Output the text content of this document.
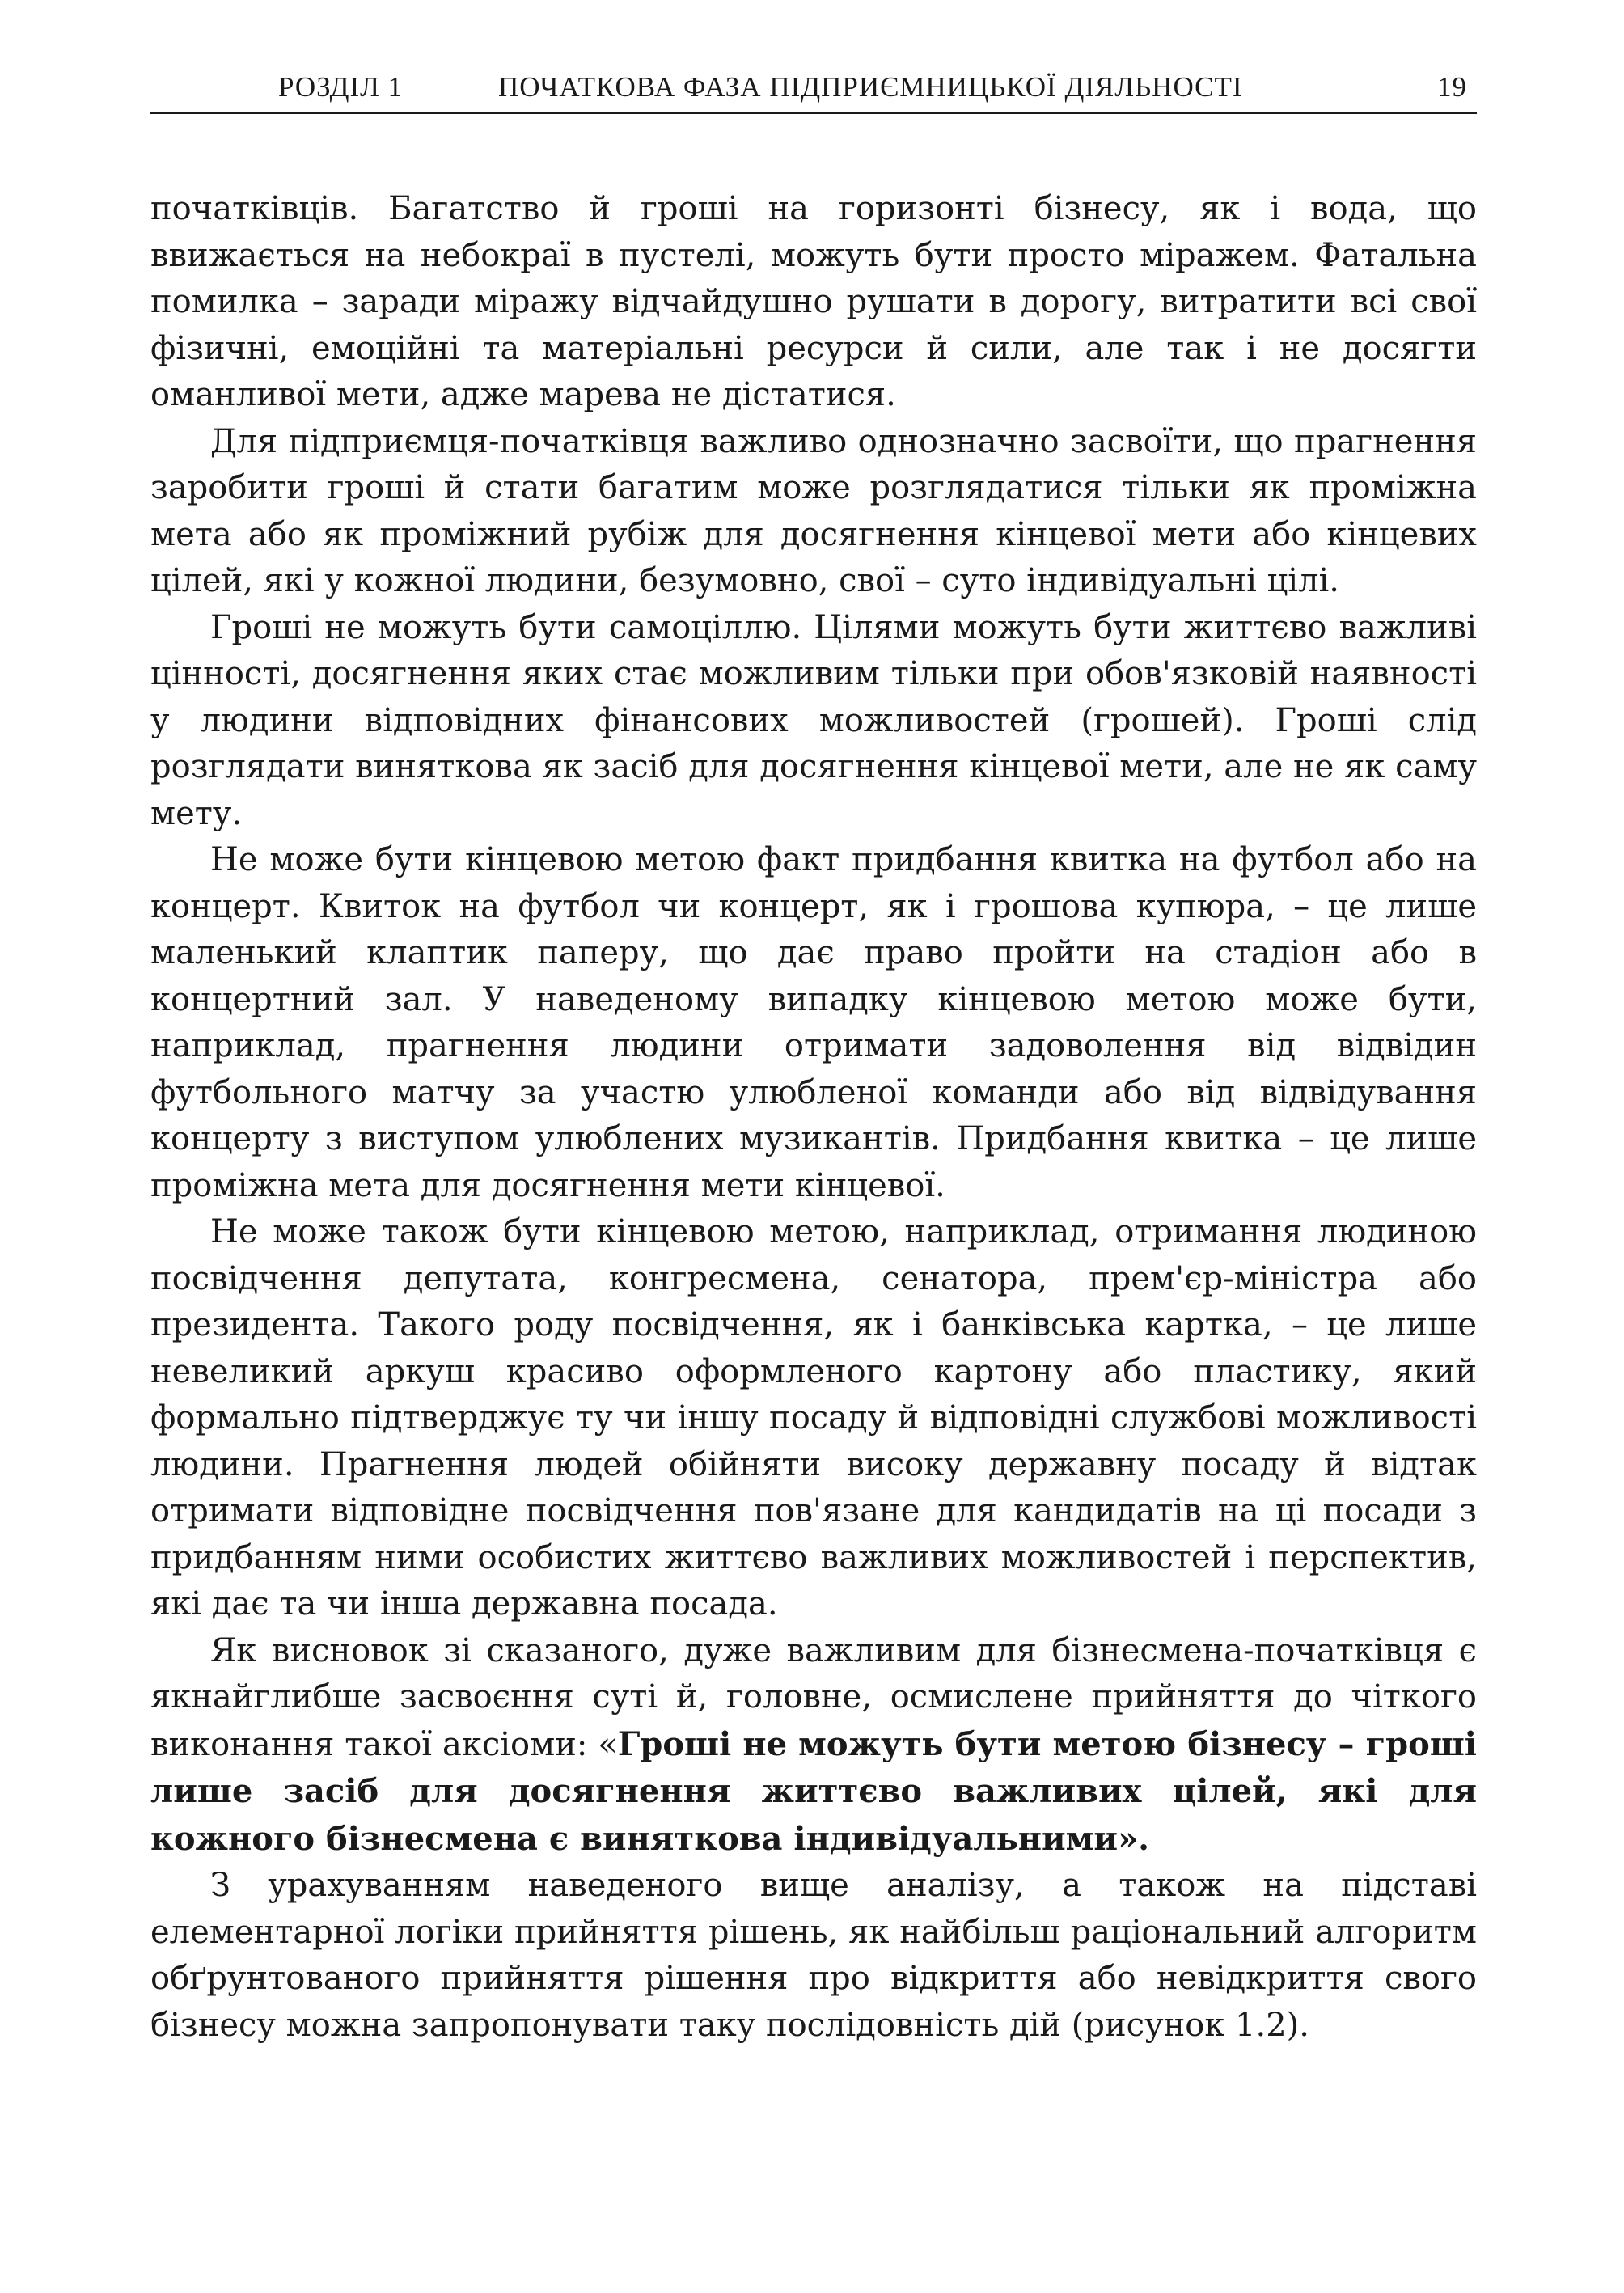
РОЗДІЛ 1	ПОЧАТКОВА ФАЗА ПІДПРИЄМНИЦЬКОЇ ДІЯЛЬНОСТІ	19

початківців. Багатство й гроші на горизонті бізнесу, як і вода, що ввижається на небокраї в пустелі, можуть бути просто міражем. Фатальна помилка – заради міражу відчайдушно рушати в дорогу, витратити всі свої фізичні, емоційні та матеріальні ресурси й сили, але так і не досягти оманливої мети, адже марева не дістатися.

Для підприємця-початківця важливо однозначно засвоїти, що прагнення заробити гроші й стати багатим може розглядатися тільки як проміжна мета або як проміжний рубіж для досягнення кінцевої мети або кінцевих цілей, які у кожної людини, безумовно, свої – суто індивідуальні цілі.

Гроші не можуть бути самоціллю. Цілями можуть бути життєво важливі цінності, досягнення яких стає можливим тільки при обов'язковій наявності у людини відповідних фінансових можливостей (грошей). Гроші слід розглядати виняткова як засіб для досягнення кінцевої мети, але не як саму мету.

Не може бути кінцевою метою факт придбання квитка на футбол або на концерт. Квиток на футбол чи концерт, як і грошова купюра, – це лише маленький клаптик паперу, що дає право пройти на стадіон або в концертний зал. У наведеному випадку кінцевою метою може бути, наприклад, прагнення людини отримати задоволення від відвідин футбольного матчу за участю улюбленої команди або від відвідування концерту з виступом улюблених музикантів. Придбання квитка – це лише проміжна мета для досягнення мети кінцевої.

Не може також бути кінцевою метою, наприклад, отримання людиною посвідчення депутата, конгресмена, сенатора, прем'єр-міністра або президента. Такого роду посвідчення, як і банківська картка, – це лише невеликий аркуш красиво оформленого картону або пластику, який формально підтверджує ту чи іншу посаду й відповідні службові можливості людини. Прагнення людей обійняти високу державну посаду й відтак отримати відповідне посвідчення пов'язане для кандидатів на ці посади з придбанням ними особистих життєво важливих можливостей і перспектив, які дає та чи інша державна посада.

Як висновок зі сказаного, дуже важливим для бізнесмена-початківця є якнайглибше засвоєння суті й, головне, осмислене прийняття до чіткого виконання такої аксіоми: «Гроші не можуть бути метою бізнесу – гроші лише засіб для досягнення життєво важливих цілей, які для кожного бізнесмена є виняткова індивідуальними».

З урахуванням наведеного вище аналізу, а також на підставі елементарної логіки прийняття рішень, як найбільш раціональний алгоритм обґрунтованого прийняття рішення про відкриття або невідкриття свого бізнесу можна запропонувати таку послідовність дій (рисунок 1.2).
